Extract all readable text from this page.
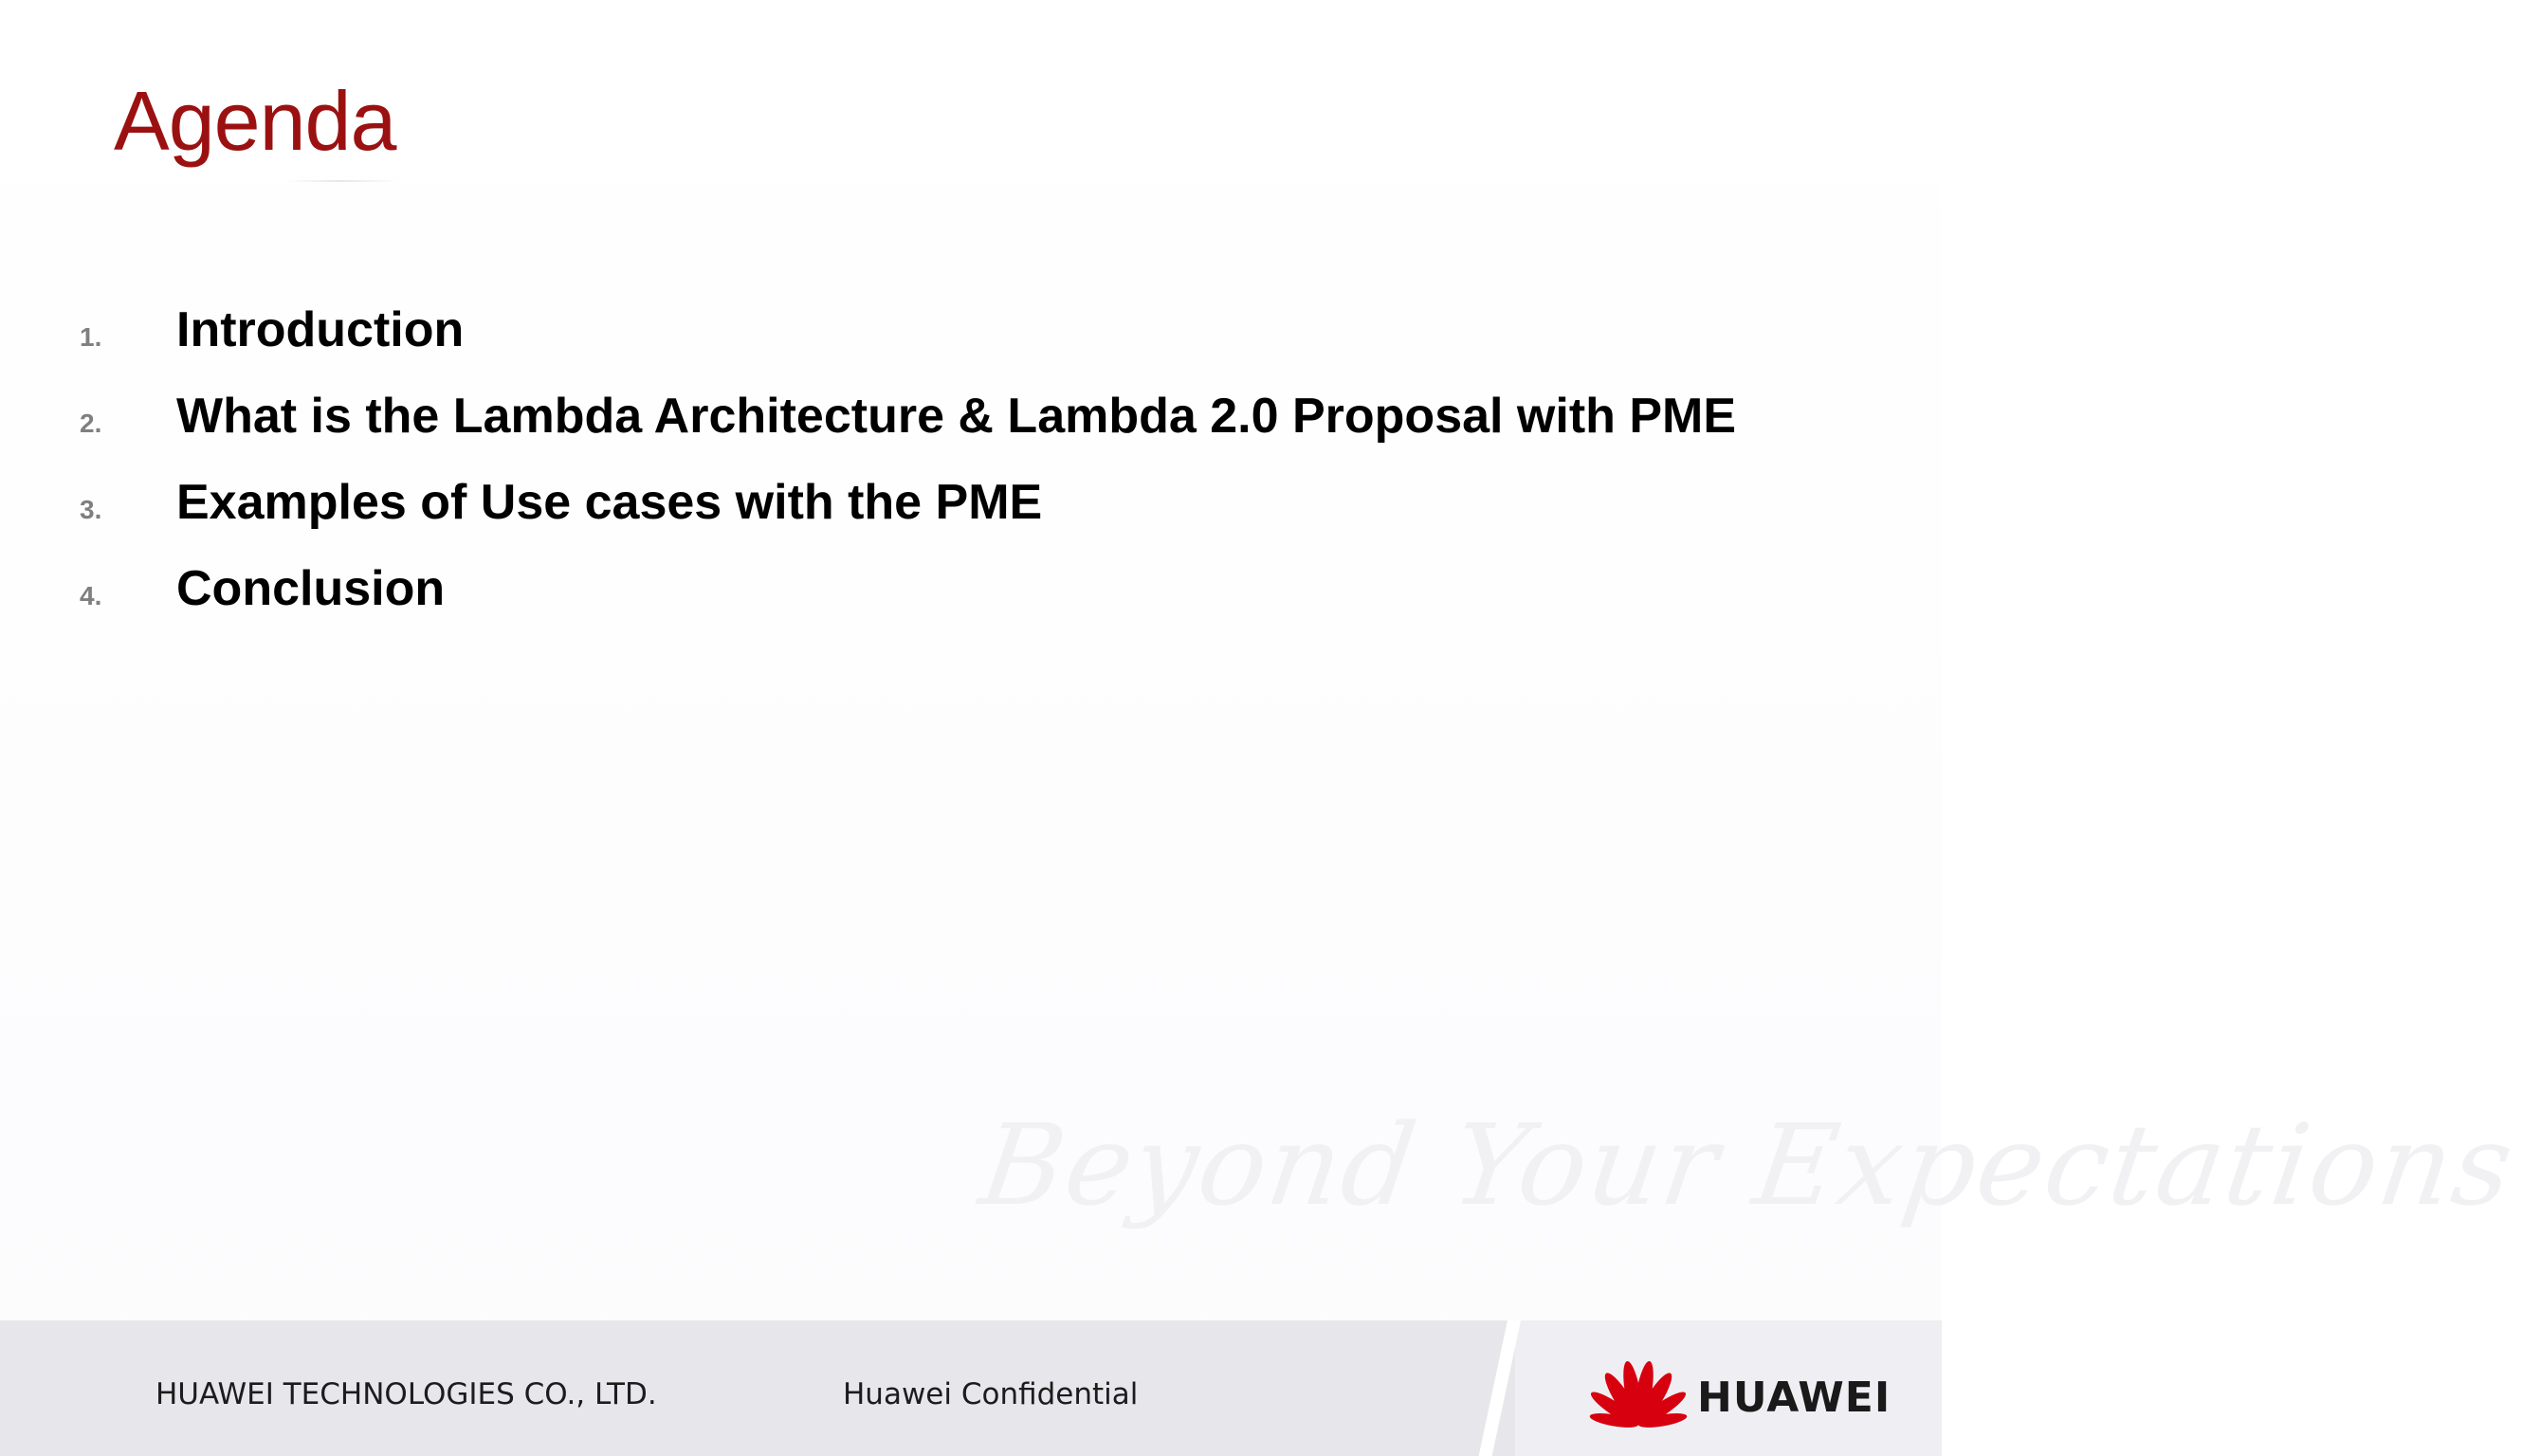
Agenda
1. Introduction
2. What is the Lambda Architecture & Lambda 2.0 Proposal with PME
3. Examples of Use cases with the PME
4. Conclusion
Beyond Your Expectations
HUAWEI TECHNOLOGIES CO., LTD.	Huawei Confidential	HUAWEI
